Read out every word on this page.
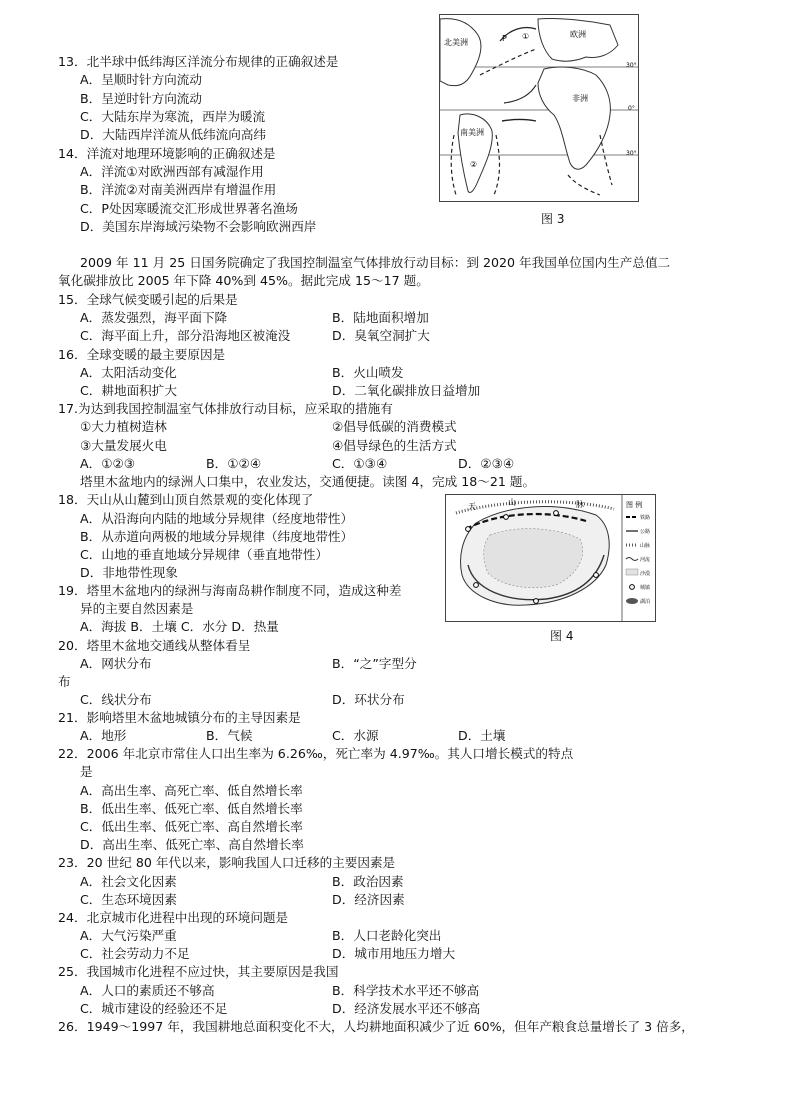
13．北半球中低纬海区洋流分布规律的正确叙述是
A．呈顺时针方向流动
B．呈逆时针方向流动
C．大陆东岸为寒流，西岸为暖流
D．大陆西岸洋流从低纬流向高纬
14．洋流对地理环境影响的正确叙述是
A．洋流①对欧洲西部有减湿作用
B．洋流②对南美洲西岸有增温作用
C．P处因寒暖流交汇形成世界著名渔场
D．美国东岸海域污染物不会影响欧洲西岸
2009 年 11 月 25 日国务院确定了我国控制温室气体排放行动目标：到 2020 年我国单位国内生产总值二
氧化碳排放比 2005 年下降 40%到 45%。据此完成 15～17 题。
15．全球气候变暖引起的后果是
A．蒸发强烈，海平面下降	B．陆地面积增加
C．海平面上升，部分沿海地区被淹没	D．臭氧空洞扩大
16．全球变暖的最主要原因是
A．太阳活动变化	B．火山喷发
C．耕地面积扩大	D．二氧化碳排放日益增加
17.为达到我国控制温室气体排放行动目标，应采取的措施有
①大力植树造林	②倡导低碳的消费模式
③大量发展火电	④倡导绿色的生活方式
A．①②③	B．①②④	C．①③④	D．②③④
塔里木盆地内的绿洲人口集中，农业发达，交通便捷。读图 4，完成 18～21 题。
18．天山从山麓到山顶自然景观的变化体现了
A．从沿海向内陆的地域分异规律（经度地带性）
B．从赤道向两极的地域分异规律（纬度地带性）
C．山地的垂直地域分异规律（垂直地带性）
D．非地带性现象
19．塔里木盆地内的绿洲与海南岛耕作制度不同，造成这种差
异的主要自然因素是
A．海拔 B．土壤 C．水分 D．热量
20．塔里木盆地交通线从整体看呈
A．网状分布	B．“之”字型分
布
C．线状分布	D．环状分布
21．影响塔里木盆地城镇分布的主导因素是
A．地形	B．气候	C．水源	D．土壤
22．2006 年北京市常住人口出生率为 6.26‰，死亡率为 4.97‰。其人口增长模式的特点
是
A．高出生率、高死亡率、低自然增长率
B．低出生率、低死亡率、低自然增长率
C．低出生率、低死亡率、高自然增长率
D．高出生率、低死亡率、高自然增长率
23．20 世纪 80 年代以来，影响我国人口迁移的主要因素是
A．社会文化因素	B．政治因素
C．生态环境因素	D．经济因素
24．北京城市化进程中出现的环境问题是
A．大气污染严重	B．人口老龄化突出
C．社会劳动力不足	D．城市用地压力增大
25．我国城市化进程不应过快，其主要原因是我国
A．人口的素质还不够高	B．科学技术水平还不够高
C．城市建设的经验还不足	D．经济发展水平还不够高
26．1949～1997 年，我国耕地总面积变化不大，人均耕地面积减少了近 60%，但年产粮食总量增长了 3 倍多，
北美洲
欧洲
非洲
南美洲
P ①
②
30°
0°
30°
图 3
天	山	脉	图 例
铁路
公路
山脉
河流
沙漠
城镇
湖泊
图 4
